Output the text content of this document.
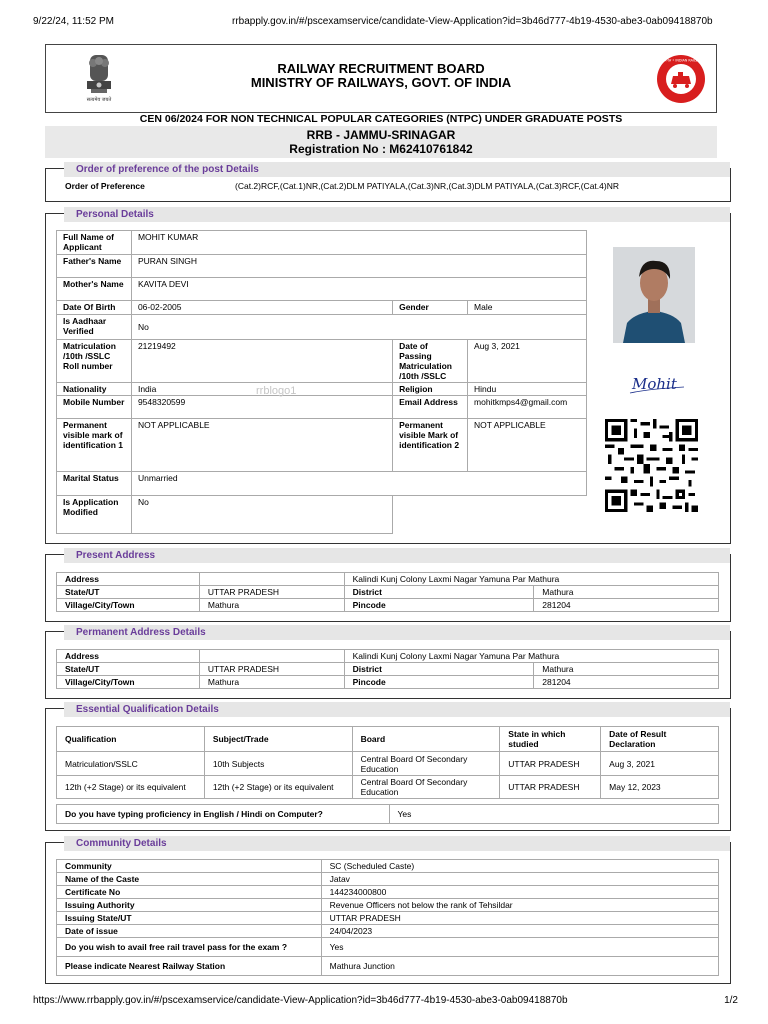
9/22/24, 11:52 PM	rrbapply.gov.in/#/pscexamservice/candidate-View-Application?id=3b46d777-4b19-4530-abe3-0ab09418870b
सत्यमेव जयते
RAILWAY RECRUITMENT BOARD
MINISTRY OF RAILWAYS, GOVT. OF INDIA
भारतीय रेल • INDIAN RAILWAYS
CEN 06/2024 FOR NON TECHNICAL POPULAR CATEGORIES (NTPC) UNDER GRADUATE POSTS
RRB - JAMMU-SRINAGAR
Registration No : M62410761842
Order of preference of the post Details
Order of Preference	(Cat.2)RCF,(Cat.1)NR,(Cat.2)DLM PATIYALA,(Cat.3)NR,(Cat.3)DLM PATIYALA,(Cat.3)RCF,(Cat.4)NR
Personal Details
Full Name of Applicant	MOHIT KUMAR		
Father's Name	PURAN SINGH		
Mother's Name	KAVITA DEVI		
Date Of Birth	06-02-2005	Gender	Male
Is Aadhaar Verified	No		
Matriculation /10th /SSLC Roll number	21219492	Date of Passing Matriculation /10th /SSLC	Aug 3, 2021
Nationality	India	Religion	Hindu
Mobile Number	9548320599	Email Address	mohitkmps4@gmail.com
Permanent visible mark of identification 1	NOT APPLICABLE	Permanent visible Mark of identification 2	NOT APPLICABLE
Marital Status	Unmarried		
Is Application Modified	No		
rrblogo1	Mohit
Present Address
Address		Kalindi Kunj Colony Laxmi Nagar Yamuna Par Mathura	
State/UT	UTTAR PRADESH	District	Mathura
Village/City/Town	Mathura	Pincode	281204
Permanent Address Details
Address		Kalindi Kunj Colony Laxmi Nagar Yamuna Par Mathura	
State/UT	UTTAR PRADESH	District	Mathura
Village/City/Town	Mathura	Pincode	281204
Essential Qualification Details
Qualification	Subject/Trade	Board	State in which studied	Date of Result Declaration
Matriculation/SSLC	10th Subjects	Central Board Of Secondary Education	UTTAR PRADESH	Aug 3, 2021
12th (+2 Stage) or its equivalent	12th (+2 Stage) or its equivalent	Central Board Of Secondary Education	UTTAR PRADESH	May 12, 2023
Do you have typing proficiency in English / Hindi on Computer?	Yes
Community Details
Community	SC (Scheduled Caste)
Name of the Caste	Jatav
Certificate No	144234000800
Issuing Authority	Revenue Officers not below the rank of Tehsildar
Issuing State/UT	UTTAR PRADESH
Date of issue	24/04/2023
Do you wish to avail free rail travel pass for the exam ?	Yes
Please indicate Nearest Railway Station	Mathura Junction
https://www.rrbapply.gov.in/#/pscexamservice/candidate-View-Application?id=3b46d777-4b19-4530-abe3-0ab09418870b	1/2
